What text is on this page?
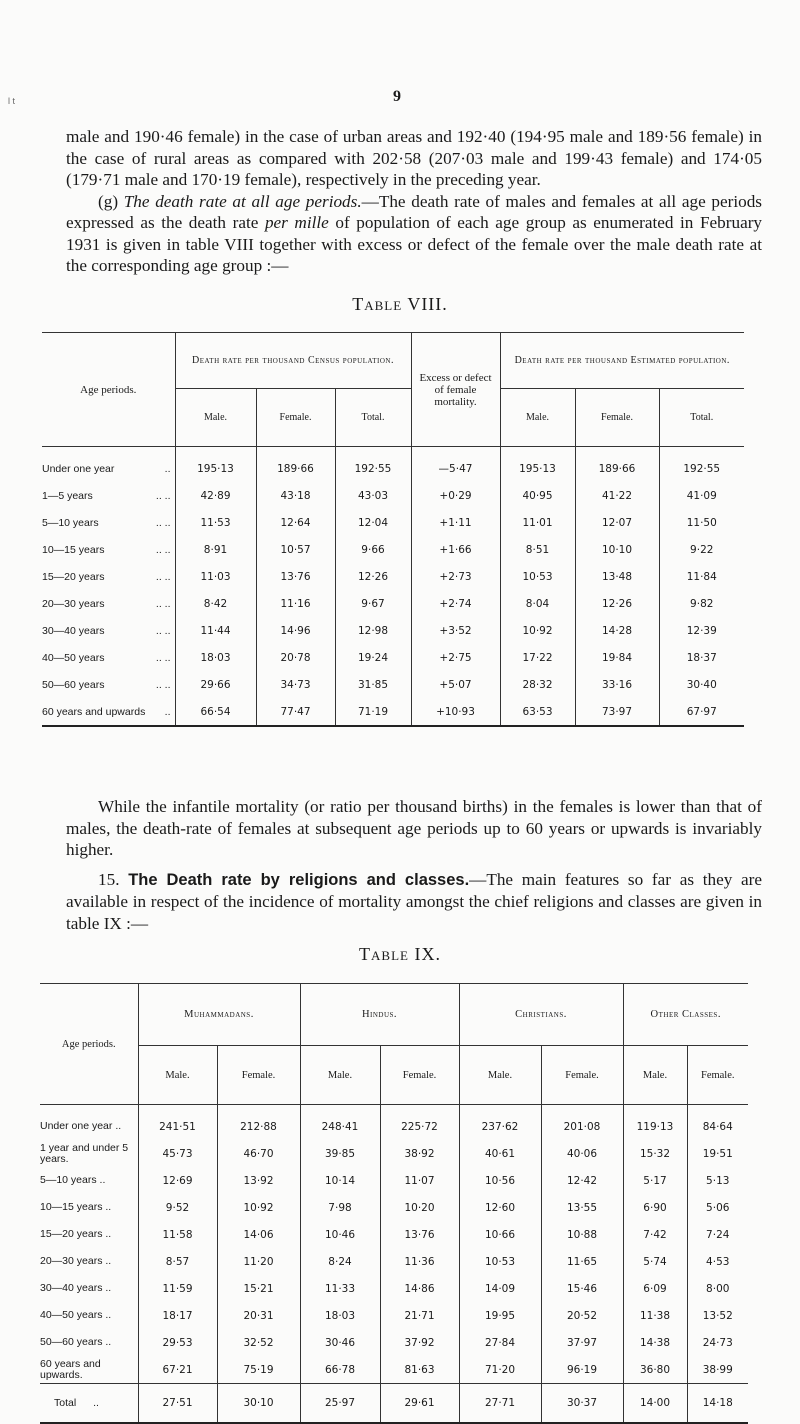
l t	9

male and 190·46 female) in the case of urban areas and 192·40 (194·95 male and 189·56 female) in the case of rural areas as compared with 202·58 (207·03 male and 199·43 female) and 174·05 (179·71 male and 170·19 female), respectively in the preceding year.

(g) The death rate at all age periods.—The death rate of males and females at all age periods expressed as the death rate per mille of population of each age group as enumerated in February 1931 is given in table VIII together with excess or defect of the female over the male death rate at the corresponding age group :—

Table VIII.
Age periods.	Death rate per thousand Census population.			Excess or defect of female mortality.	Death rate per thousand Estimated population.		
	Male.	Female.	Total.		Male.	Female.	Total.
Under one year ..	195·13	189·66	192·55	—5·47	195·13	189·66	192·55
1—5 years .. ..	42·89	43·18	43·03	+0·29	40·95	41·22	41·09
5—10 years .. ..	11·53	12·64	12·04	+1·11	11·01	12·07	11·50
10—15 years .. ..	8·91	10·57	9·66	+1·66	8·51	10·10	9·22
15—20 years .. ..	11·03	13·76	12·26	+2·73	10·53	13·48	11·84
20—30 years .. ..	8·42	11·16	9·67	+2·74	8·04	12·26	9·82
30—40 years .. ..	11·44	14·96	12·98	+3·52	10·92	14·28	12·39
40—50 years .. ..	18·03	20·78	19·24	+2·75	17·22	19·84	18·37
50—60 years .. ..	29·66	34·73	31·85	+5·07	28·32	33·16	30·40
60 years and upwards ..	66·54	77·47	71·19	+10·93	63·53	73·97	67·97

While the infantile mortality (or ratio per thousand births) in the females is lower than that of males, the death-rate of females at subsequent age periods up to 60 years or upwards is invariably higher.

15. The Death rate by religions and classes.—The main features so far as they are available in respect of the incidence of mortality amongst the chief religions and classes are given in table IX :—

Table IX.
Age periods.	Muhammadans.		Hindus.		Christians.		Other Classes.	
	Male.	Female.	Male.	Female.	Male.	Female.	Male.	Female.
Under one year ..	241·51	212·88	248·41	225·72	237·62	201·08	119·13	84·64
1 year and under 5 years.	45·73	46·70	39·85	38·92	40·61	40·06	15·32	19·51
5—10 years ..	12·69	13·92	10·14	11·07	10·56	12·42	5·17	5·13
10—15 years ..	9·52	10·92	7·98	10·20	12·60	13·55	6·90	5·06
15—20 years ..	11·58	14·06	10·46	13·76	10·66	10·88	7·42	7·24
20—30 years ..	8·57	11·20	8·24	11·36	10·53	11·65	5·74	4·53
30—40 years ..	11·59	15·21	11·33	14·86	14·09	15·46	6·09	8·00
40—50 years ..	18·17	20·31	18·03	21·71	19·95	20·52	11·38	13·52
50—60 years ..	29·53	32·52	30·46	37·92	27·84	37·97	14·38	24·73
60 years and upwards.	67·21	75·19	66·78	81·63	71·20	96·19	36·80	38·99
Total ..	27·51	30·10	25·97	29·61	27·71	30·37	14·00	14·18
